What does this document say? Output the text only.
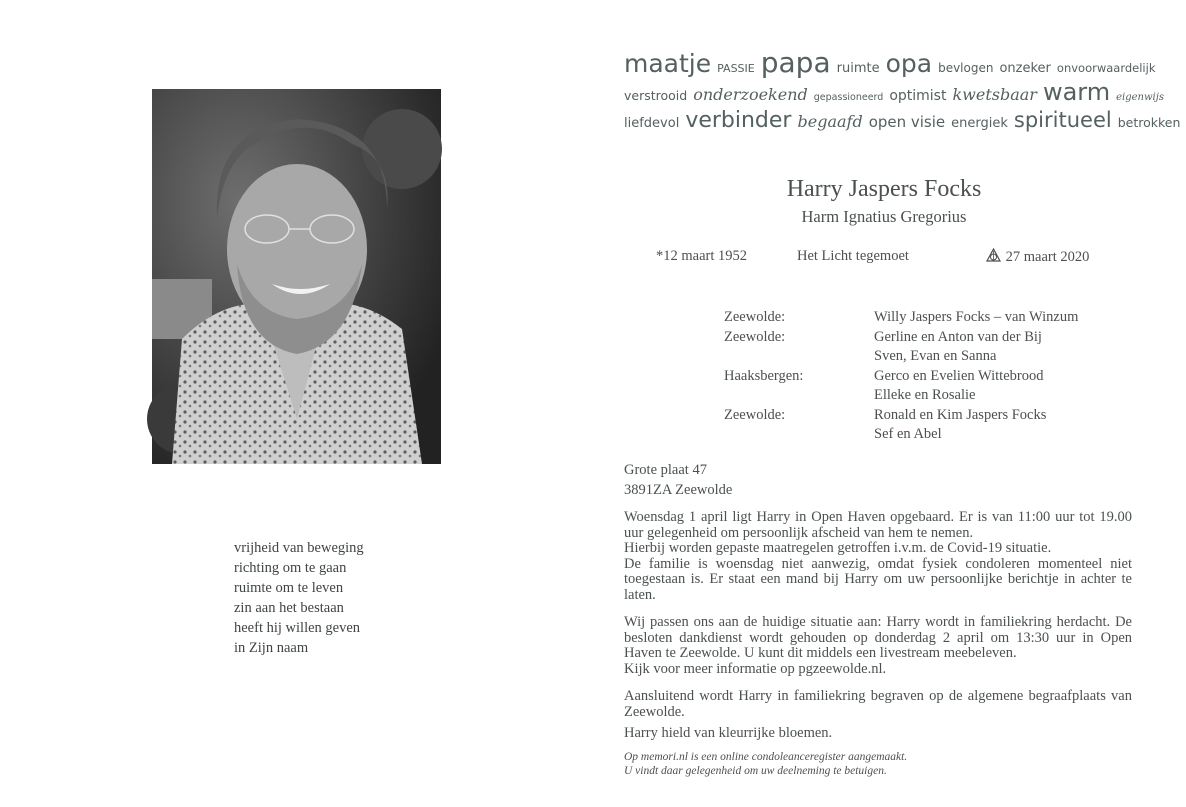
vrijheid van beweging
richting om te gaan
ruimte om te leven
zin aan het bestaan
heeft hij willen geven
in Zijn naam
maatje PASSIE papa ruimte opa bevlogen onzeker onvoorwaardelijk
verstrooid onderzoekend gepassioneerd optimist kwetsbaar warm eigenwijs
liefdevol verbinder begaafd open visie energiek spiritueel betrokken
Harry Jaspers Focks
Harm Ignatius Gregorius
*12 maart 1952	Het Licht tegemoet	27 maart 2020
Zeewolde:	Willy Jaspers Focks – van Winzum
Zeewolde:	Gerline en Anton van der Bij
Sven, Evan en Sanna
Haaksbergen:	Gerco en Evelien Wittebrood
Elleke en Rosalie
Zeewolde:	Ronald en Kim Jaspers Focks
Sef en Abel

Grote plaat 47
3891ZA Zeewolde

Woensdag 1 april ligt Harry in Open Haven opgebaard. Er is van 11:00 uur tot 19.00 uur gelegenheid om persoonlijk afscheid van hem te nemen.

Hierbij worden gepaste maatregelen getroffen i.v.m. de Covid-19 situatie.

De familie is woensdag niet aanwezig, omdat fysiek condoleren momenteel niet toegestaan is. Er staat een mand bij Harry om uw persoonlijke berichtje in achter te laten.

Wij passen ons aan de huidige situatie aan: Harry wordt in familiekring herdacht. De besloten dankdienst wordt gehouden op donderdag 2 april om 13:30 uur in Open Haven te Zeewolde. U kunt dit middels een livestream meebeleven.

Kijk voor meer informatie op pgzeewolde.nl.

Aansluitend wordt Harry in familiekring begraven op de algemene begraafplaats van Zeewolde.

Harry hield van kleurrijke bloemen.

Op memori.nl is een online condoleanceregister aangemaakt.
U vindt daar gelegenheid om uw deelneming te betuigen.
